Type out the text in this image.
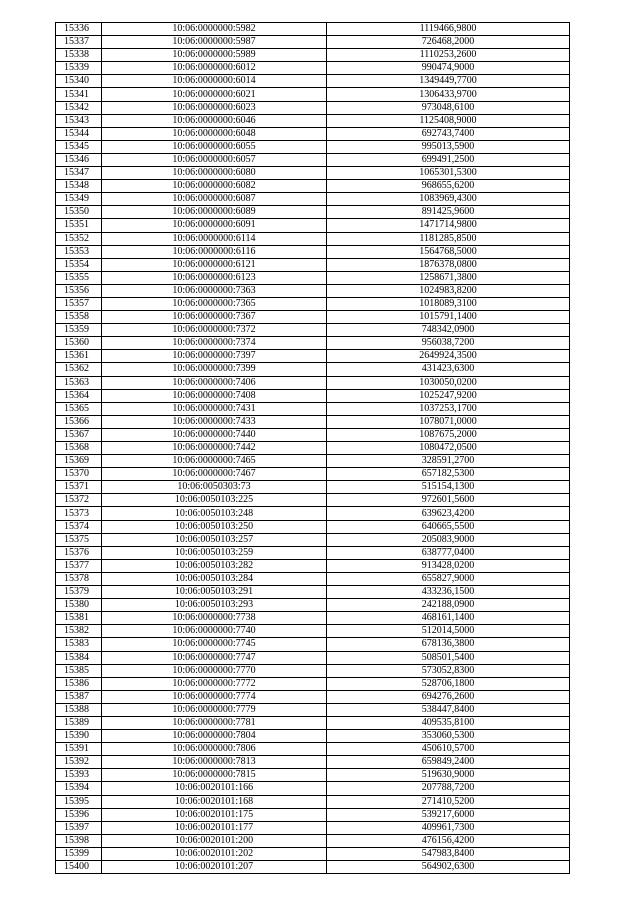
15336	10:06:0000000:5982	1119466,9800
15337	10:06:0000000:5987	726468,2000
15338	10:06:0000000:5989	1110253,2600
15339	10:06:0000000:6012	990474,9000
15340	10:06:0000000:6014	1349449,7700
15341	10:06:0000000:6021	1306433,9700
15342	10:06:0000000:6023	973048,6100
15343	10:06:0000000:6046	1125408,9000
15344	10:06:0000000:6048	692743,7400
15345	10:06:0000000:6055	995013,5900
15346	10:06:0000000:6057	699491,2500
15347	10:06:0000000:6080	1065301,5300
15348	10:06:0000000:6082	968655,6200
15349	10:06:0000000:6087	1083969,4300
15350	10:06:0000000:6089	891425,9600
15351	10:06:0000000:6091	1471714,9800
15352	10:06:0000000:6114	1181285,8500
15353	10:06:0000000:6116	1564768,5000
15354	10:06:0000000:6121	1876378,0800
15355	10:06:0000000:6123	1258671,3800
15356	10:06:0000000:7363	1024983,8200
15357	10:06:0000000:7365	1018089,3100
15358	10:06:0000000:7367	1015791,1400
15359	10:06:0000000:7372	748342,0900
15360	10:06:0000000:7374	956038,7200
15361	10:06:0000000:7397	2649924,3500
15362	10:06:0000000:7399	431423,6300
15363	10:06:0000000:7406	1030050,0200
15364	10:06:0000000:7408	1025247,9200
15365	10:06:0000000:7431	1037253,1700
15366	10:06:0000000:7433	1078071,0000
15367	10:06:0000000:7440	1087675,2000
15368	10:06:0000000:7442	1080472,0500
15369	10:06:0000000:7465	328591,2700
15370	10:06:0000000:7467	657182,5300
15371	10:06:0050303:73	515154,1300
15372	10:06:0050103:225	972601,5600
15373	10:06:0050103:248	639623,4200
15374	10:06:0050103:250	640665,5500
15375	10:06:0050103:257	205083,9000
15376	10:06:0050103:259	638777,0400
15377	10:06:0050103:282	913428,0200
15378	10:06:0050103:284	655827,9000
15379	10:06:0050103:291	433236,1500
15380	10:06:0050103:293	242188,0900
15381	10:06:0000000:7738	468161,1400
15382	10:06:0000000:7740	512014,5000
15383	10:06:0000000:7745	678136,3800
15384	10:06:0000000:7747	508501,5400
15385	10:06:0000000:7770	573052,8300
15386	10:06:0000000:7772	528706,1800
15387	10:06:0000000:7774	694276,2600
15388	10:06:0000000:7779	538447,8400
15389	10:06:0000000:7781	409535,8100
15390	10:06:0000000:7804	353060,5300
15391	10:06:0000000:7806	450610,5700
15392	10:06:0000000:7813	659849,2400
15393	10:06:0000000:7815	519630,9000
15394	10:06:0020101:166	207788,7200
15395	10:06:0020101:168	271410,5200
15396	10:06:0020101:175	539217,6000
15397	10:06:0020101:177	409961,7300
15398	10:06:0020101:200	476156,4200
15399	10:06:0020101:202	547983,8400
15400	10:06:0020101:207	564902,6300
